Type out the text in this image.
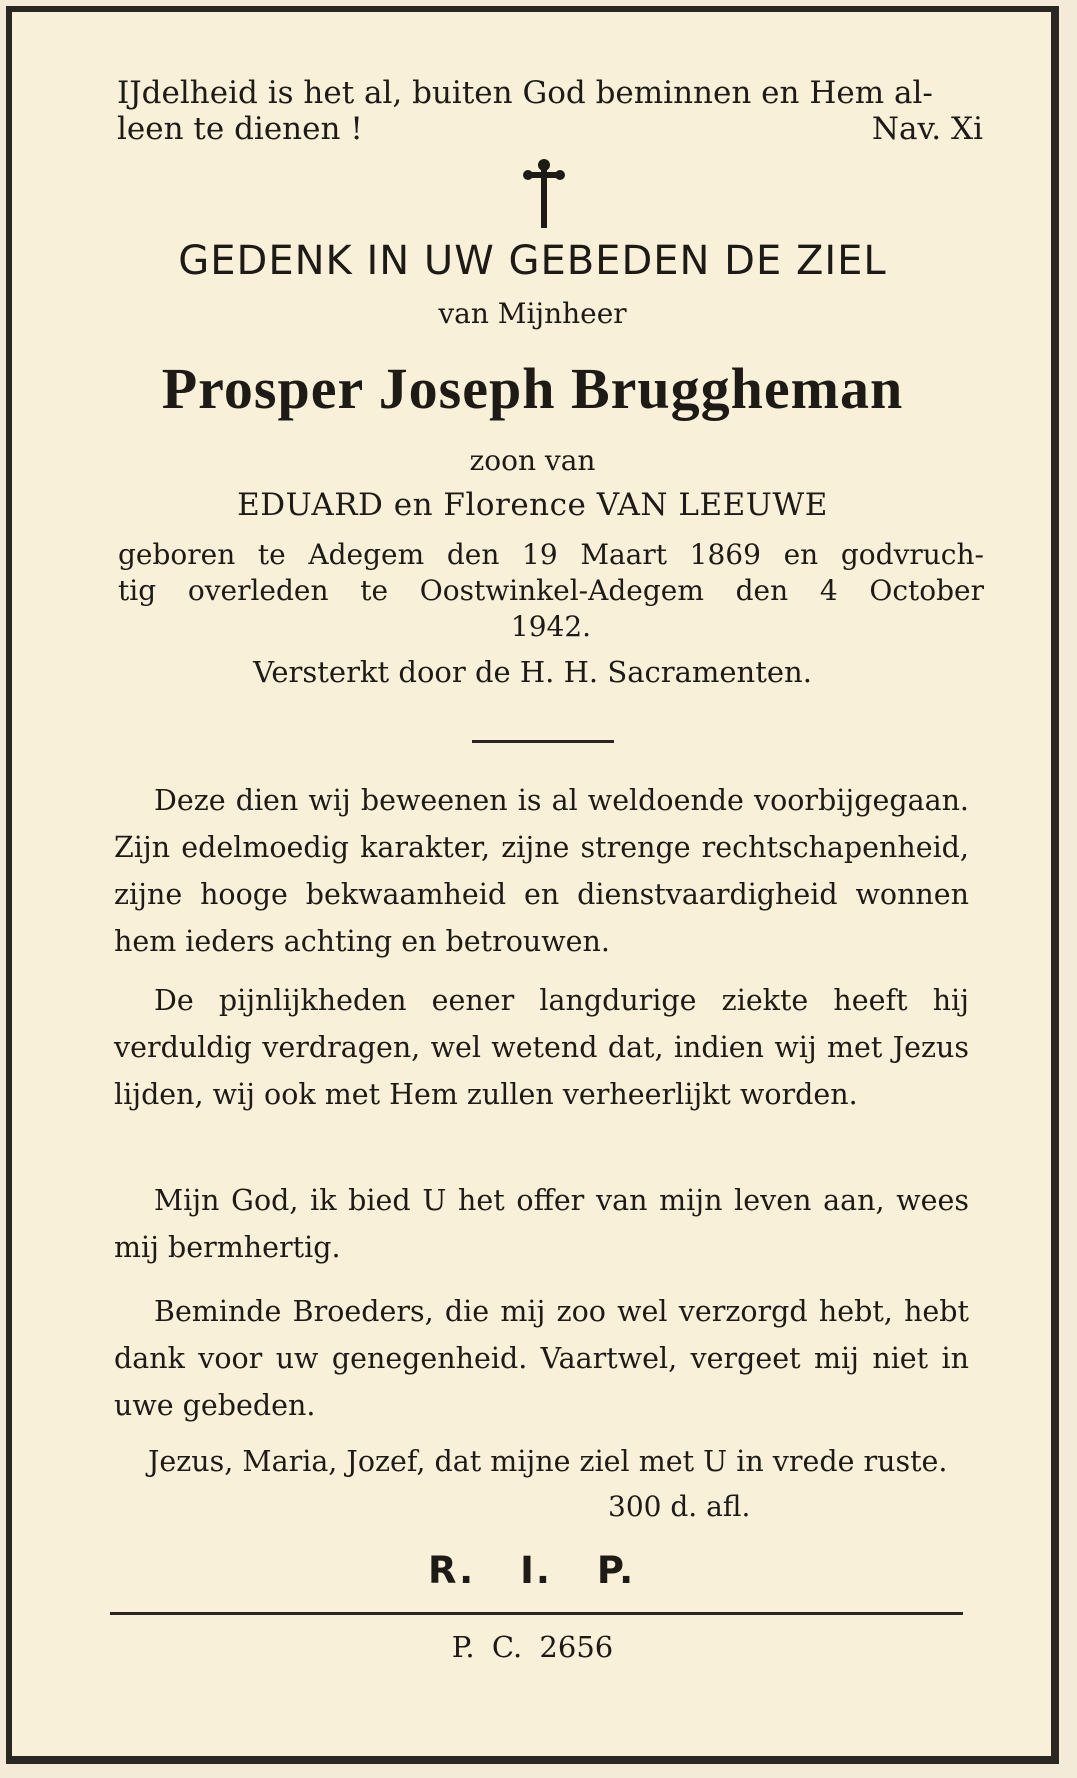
IJdelheid is het al, buiten God beminnen en Hem al-
leen te dienen !	Nav. Xi
GEDENK IN UW GEBEDEN DE ZIEL
van Mijnheer
Prosper Joseph Bruggheman
zoon van
EDUARD en Florence VAN LEEUWE
geboren te Adegem den 19 Maart 1869 en godvruch-
tig overleden te Oostwinkel-Adegem den 4 October
1942.
Versterkt door de H. H. Sacramenten.
Deze dien wij beweenen is al weldoende voorbijgegaan. Zijn edelmoedig karakter, zijne strenge rechtschapenheid, zijne hooge bekwaamheid en dienstvaardigheid wonnen hem ieders achting en betrouwen.
De pijnlijkheden eener langdurige ziekte heeft hij verduldig verdragen, wel wetend dat, indien wij met Jezus lijden, wij ook met Hem zullen verheerlijkt worden.
Mijn God, ik bied U het offer van mijn leven aan, wees mij bermhertig.
Beminde Broeders, die mij zoo wel verzorgd hebt, hebt dank voor uw genegenheid. Vaartwel, vergeet mij niet in uwe gebeden.
Jezus, Maria, Jozef, dat mijne ziel met U in vrede ruste.
300 d. afl.
R. I. P.
P. C. 2656
